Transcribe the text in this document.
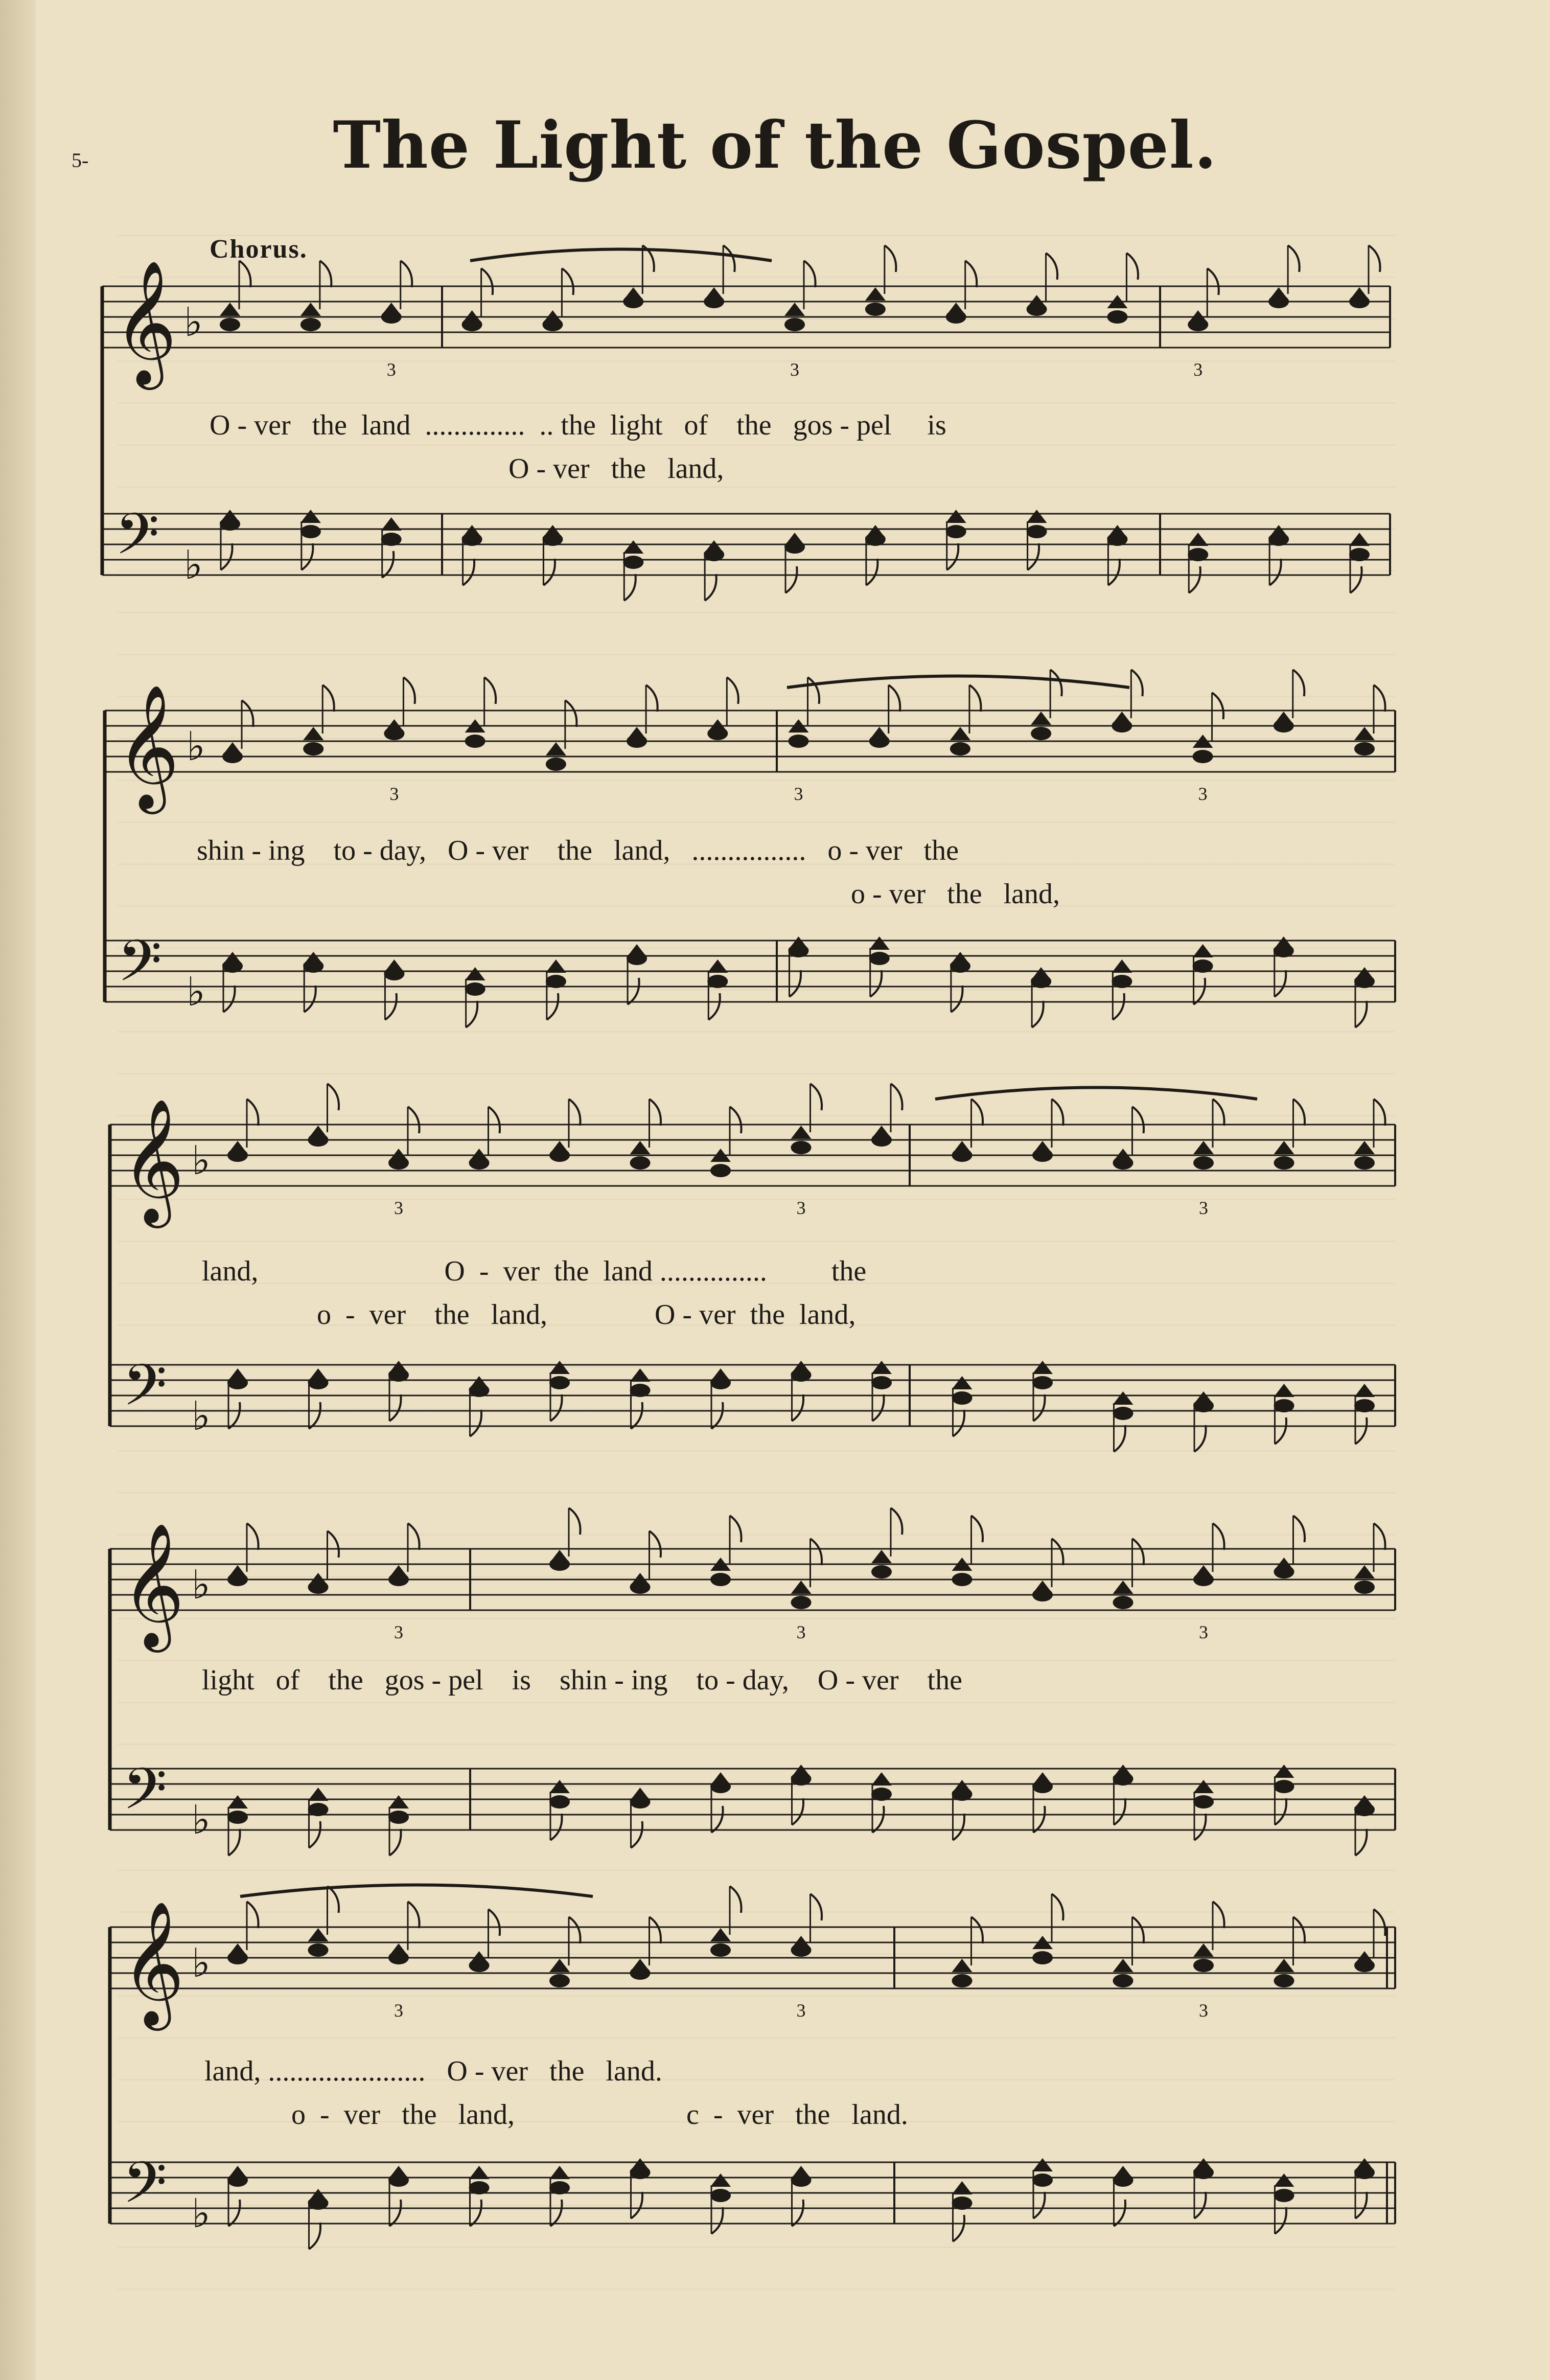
5-	The Light of the Gospel.
Chorus.
𝄞
𝄢
♭
♭
3	3	3
𝄞
𝄢
♭
♭
3	3	3
𝄞
𝄢
♭
♭
3	3	3
𝄞
𝄢
♭
♭
3	3	3
𝄞
𝄢
♭
♭
3	3	3
O - ver   the  land  ..............  .. the  light   of    the   gos - pel     is
O - ver   the   land,
shin - ing    to - day,   O - ver    the   land,   ................   o - ver   the
o - ver   the   land,
land,                          O  -  ver  the  land ...............         the
o  -  ver    the   land,               O - ver  the  land,
light   of    the   gos - pel    is    shin - ing    to - day,    O - ver    the
land, ......................   O - ver   the   land.
o  -  ver   the   land,                        c  -  ver   the   land.
